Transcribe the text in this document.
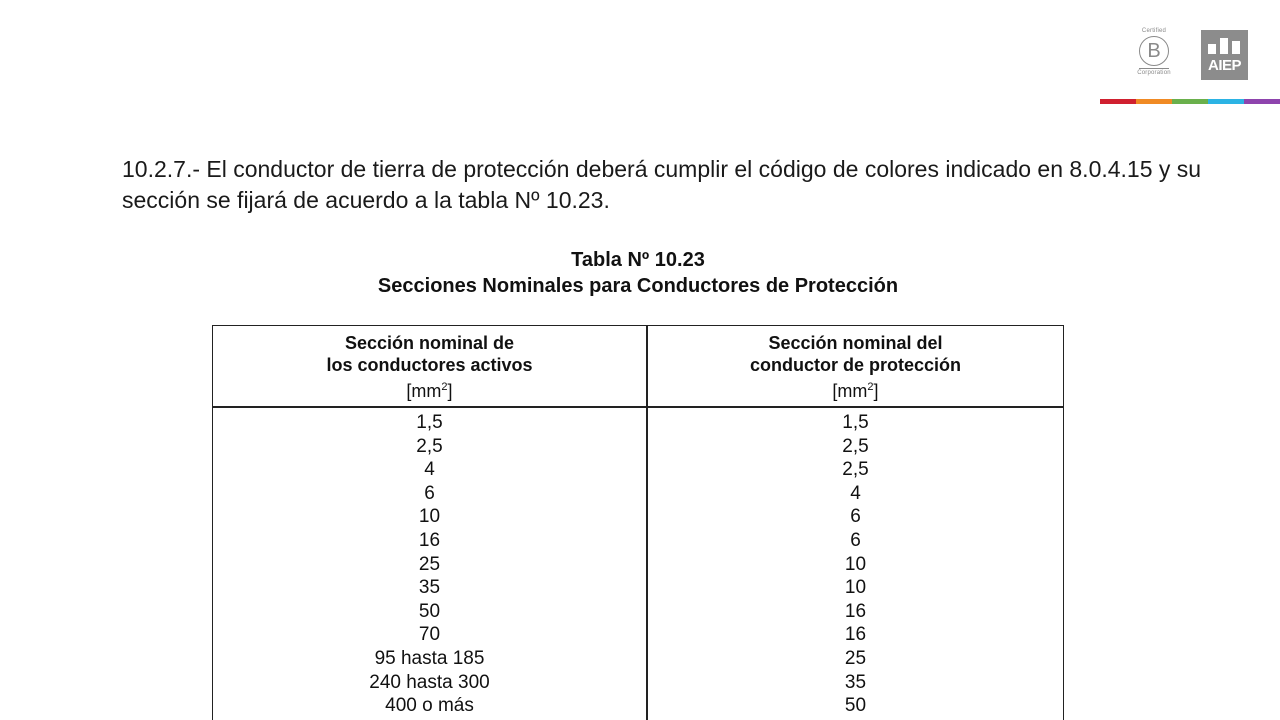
Certified
B
Corporation	AIEP

10.2.7.- El conductor de tierra de protección deberá cumplir el código de colores indicado en 8.0.4.15 y su sección se fijará de acuerdo a la tabla Nº 10.23.

Tabla Nº 10.23
Secciones Nominales para Conductores de Protección
Sección nominal de
los conductores activos
$[mm^2]$
Sección nominal del
conductor de protección
$[mm^2]$
1,5
2,5
4
6
10
16
25
35
50
70
95 hasta 185
240 hasta 300
400 o más
1,5
2,5
2,5
4
6
6
10
10
16
16
25
35
50
